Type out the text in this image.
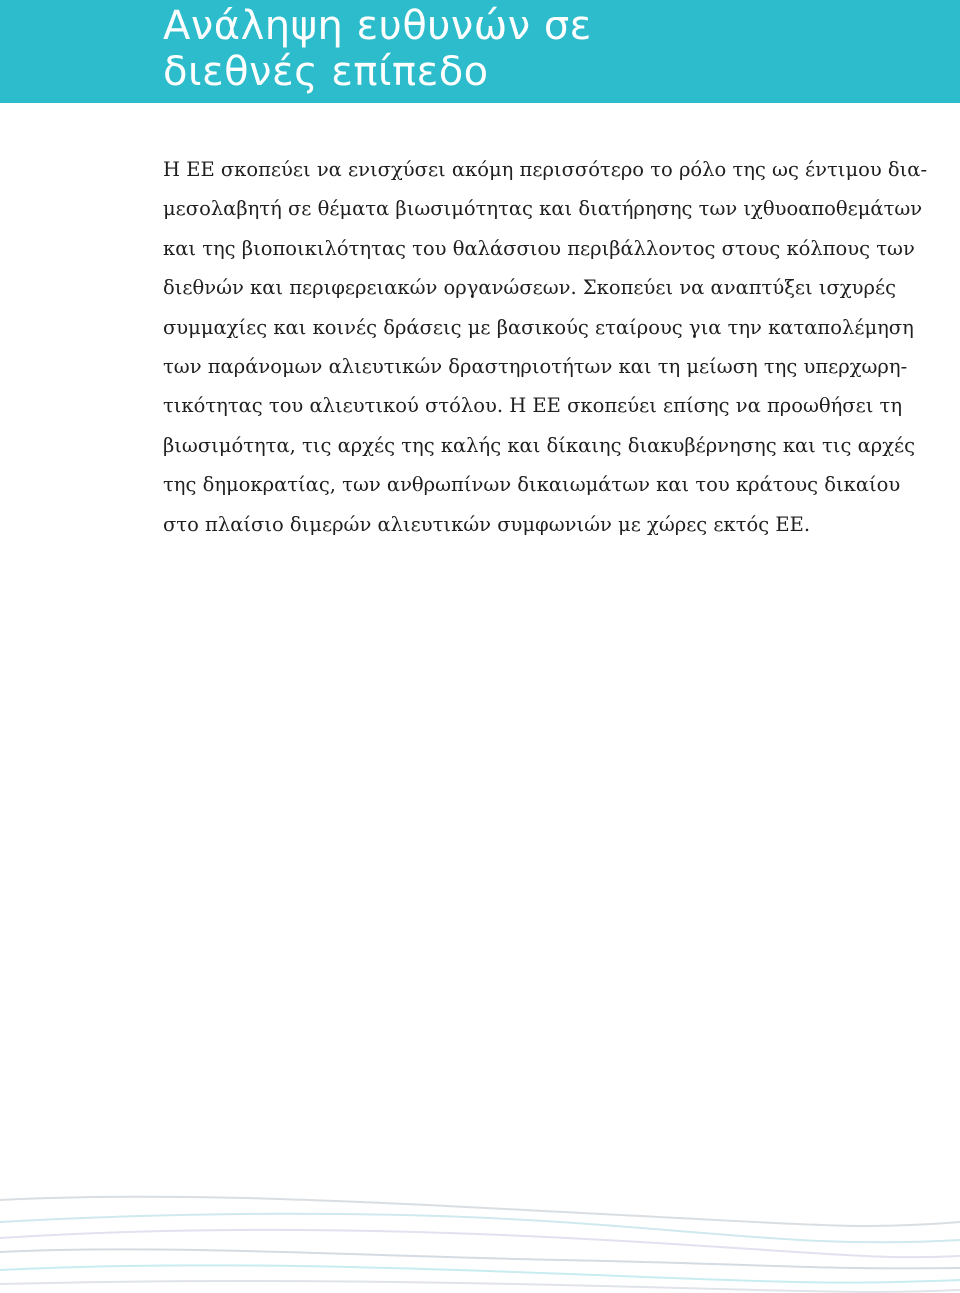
Ανάληψη ευθυνών σε
διεθνές επίπεδο

Η ΕΕ σκοπεύει να ενισχύσει ακόμη περισσότερο το ρόλο της ως έντιμου δια-
μεσολαβητή σε θέματα βιωσιμότητας και διατήρησης των ιχθυοαποθεμάτων
και της βιοποικιλότητας του θαλάσσιου περιβάλλοντος στους κόλπους των
διεθνών και περιφερειακών οργανώσεων. Σκοπεύει να αναπτύξει ισχυρές
συμμαχίες και κοινές δράσεις με βασικούς εταίρους για την καταπολέμηση
των παράνομων αλιευτικών δραστηριοτήτων και τη μείωση της υπερχωρη-
τικότητας του αλιευτικού στόλου. Η ΕΕ σκοπεύει επίσης να προωθήσει τη
βιωσιμότητα, τις αρχές της καλής και δίκαιης διακυβέρνησης και τις αρχές
της δημοκρατίας, των ανθρωπίνων δικαιωμάτων και του κράτους δικαίου
στο πλαίσιο διμερών αλιευτικών συμφωνιών με χώρες εκτός ΕΕ.
